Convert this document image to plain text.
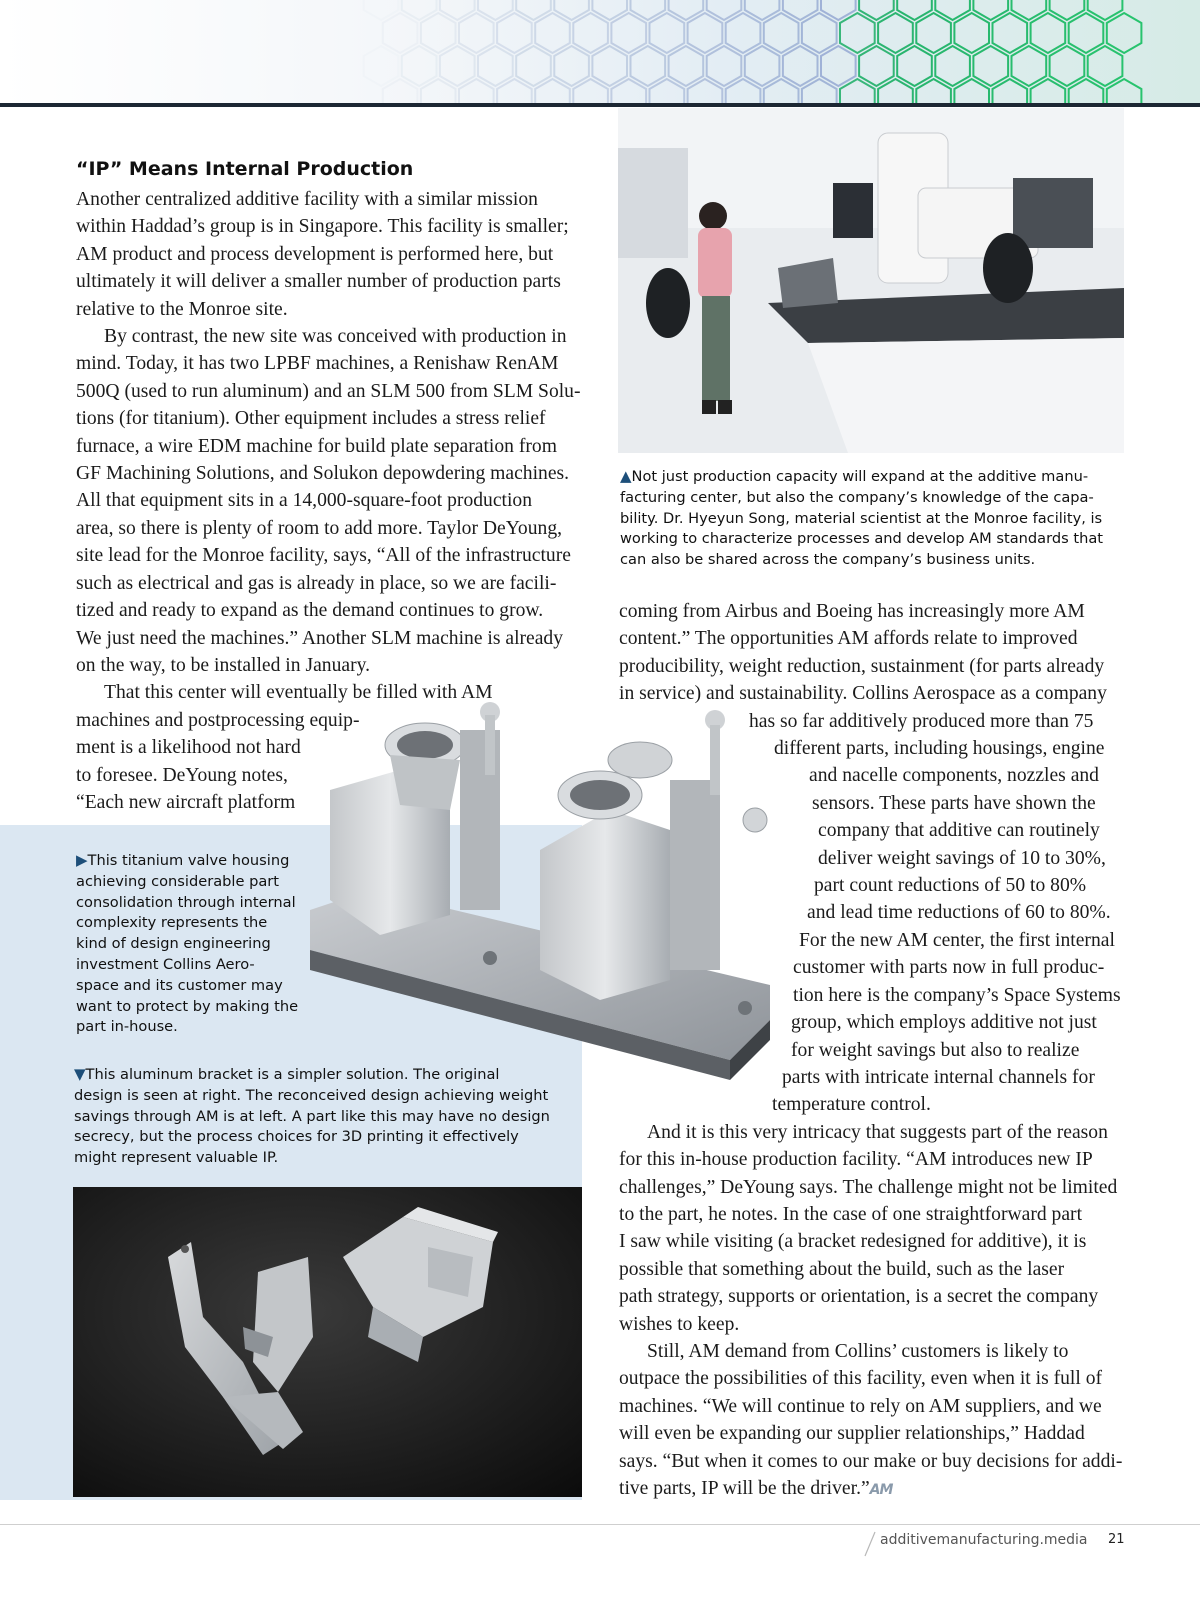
“IP” Means Internal Production
Another centralized additive facility with a similar mission
within Haddad’s group is in Singapore. This facility is smaller;
AM product and process development is performed here, but
ultimately it will deliver a smaller number of production parts
relative to the Monroe site.
By contrast, the new site was conceived with production in
mind. Today, it has two LPBF machines, a Renishaw RenAM
500Q (used to run aluminum) and an SLM 500 from SLM Solu-
tions (for titanium). Other equipment includes a stress relief
furnace, a wire EDM machine for build plate separation from
GF Machining Solutions, and Solukon depowdering machines.
All that equipment sits in a 14,000-square-foot production
area, so there is plenty of room to add more. Taylor DeYoung,
site lead for the Monroe facility, says, “All of the infrastructure
such as electrical and gas is already in place, so we are facili-
tized and ready to expand as the demand continues to grow.
We just need the machines.” Another SLM machine is already
on the way, to be installed in January.
That this center will eventually be filled with AM
machines and postprocessing equip-
ment is a likelihood not hard
to foresee. DeYoung notes,
“Each new aircraft platform
▶This titanium valve housing
achieving considerable part
consolidation through internal
complexity represents the
kind of design engineering
investment Collins Aero-
space and its customer may
want to protect by making the
part in-house.
▼This aluminum bracket is a simpler solution. The original
design is seen at right. The reconceived design achieving weight
savings through AM is at left. A part like this may have no design
secrecy, but the process choices for 3D printing it effectively
might represent valuable IP.
▲Not just production capacity will expand at the additive manu-
facturing center, but also the company’s knowledge of the capa-
bility. Dr. Hyeyun Song, material scientist at the Monroe facility, is
working to characterize processes and develop AM standards that
can also be shared across the company’s business units.
coming from Airbus and Boeing has increasingly more AM
content.” The opportunities AM affords relate to improved
producibility, weight reduction, sustainment (for parts already
in service) and sustainability. Collins Aerospace as a company
has so far additively produced more than 75
different parts, including housings, engine
and nacelle components, nozzles and
sensors. These parts have shown the
company that additive can routinely
deliver weight savings of 10 to 30%,
part count reductions of 50 to 80%
and lead time reductions of 60 to 80%.
For the new AM center, the first internal
customer with parts now in full produc-
tion here is the company’s Space Systems
group, which employs additive not just
for weight savings but also to realize
parts with intricate internal channels for
temperature control.
And it is this very intricacy that suggests part of the reason
for this in-house production facility. “AM introduces new IP
challenges,” DeYoung says. The challenge might not be limited
to the part, he notes. In the case of one straightforward part
I saw while visiting (a bracket redesigned for additive), it is
possible that something about the build, such as the laser
path strategy, supports or orientation, is a secret the company
wishes to keep.
Still, AM demand from Collins’ customers is likely to
outpace the possibilities of this facility, even when it is full of
machines. “We will continue to rely on AM suppliers, and we
will even be expanding our supplier relationships,” Haddad
says. “But when it comes to our make or buy decisions for addi-
tive parts, IP will be the driver.”AM
additivemanufacturing.media 21
